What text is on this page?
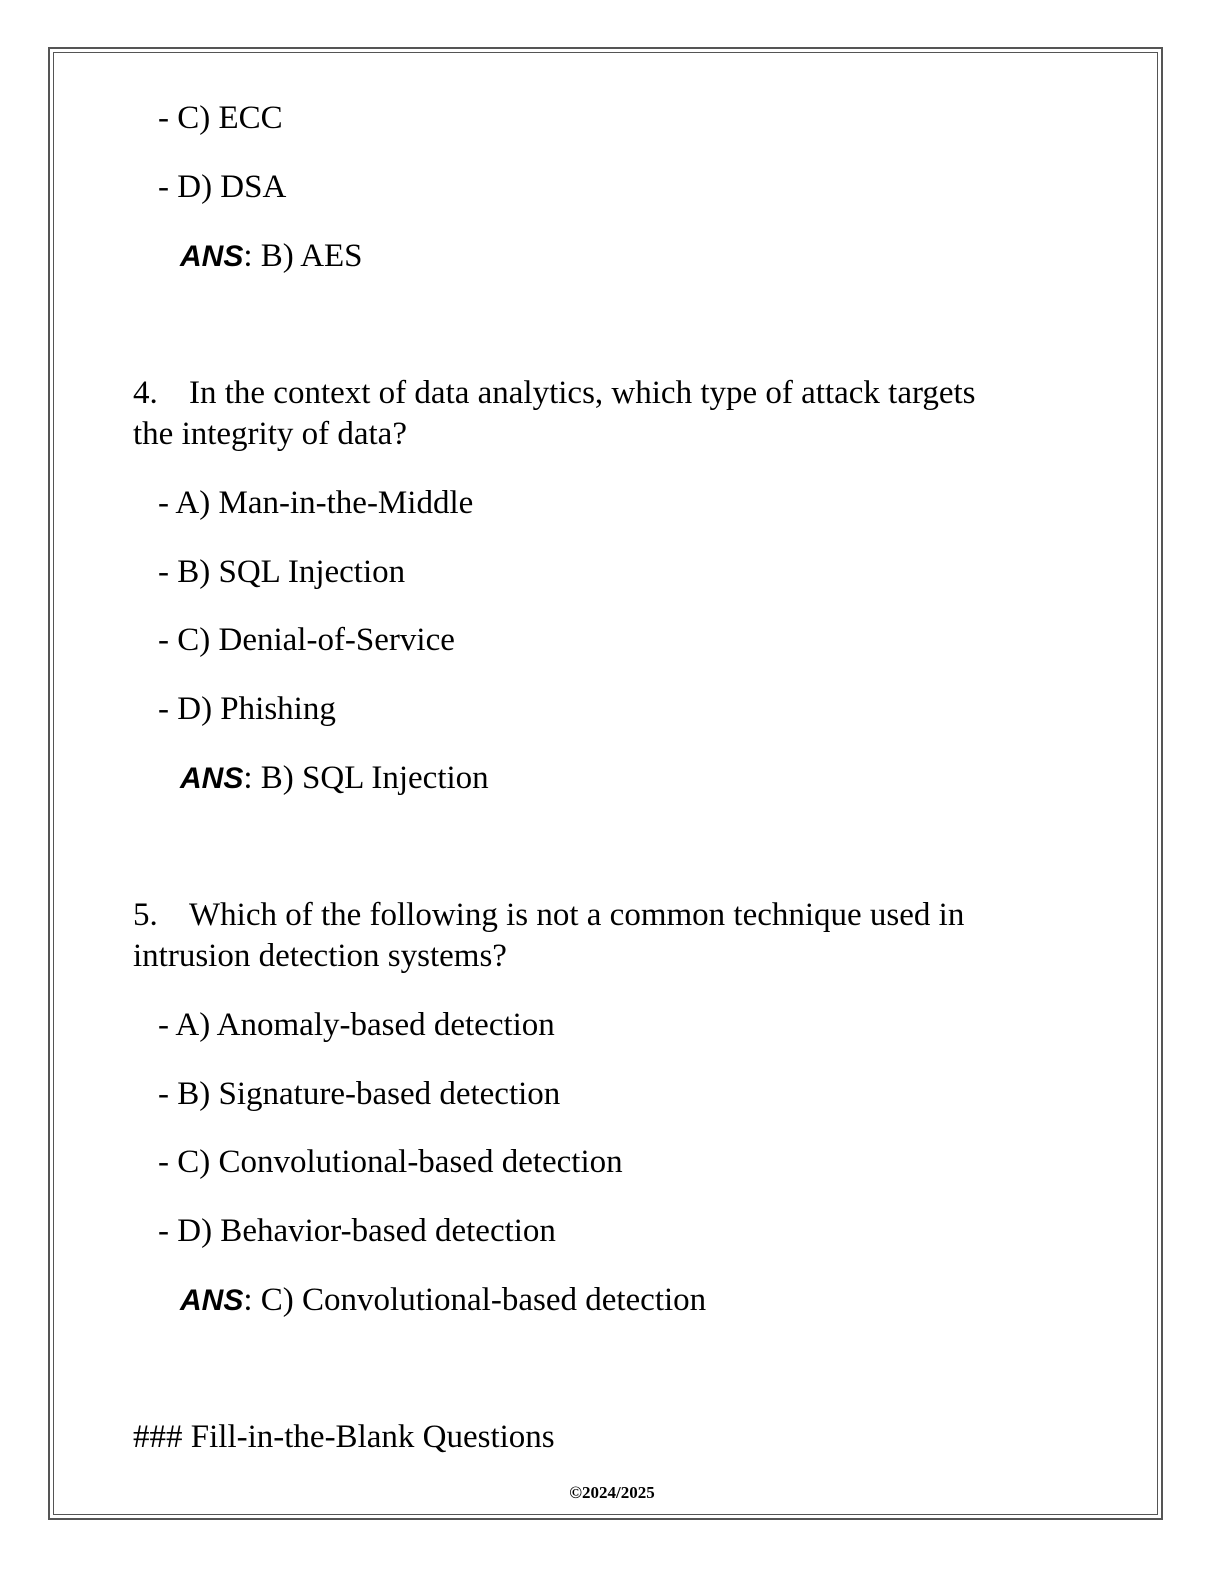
- C) ECC
- D) DSA
ANS: B) AES
4. In the context of data analytics, which type of attack targets
the integrity of data?
- A) Man-in-the-Middle
- B) SQL Injection
- C) Denial-of-Service
- D) Phishing
ANS: B) SQL Injection
5. Which of the following is not a common technique used in
intrusion detection systems?
- A) Anomaly-based detection
- B) Signature-based detection
- C) Convolutional-based detection
- D) Behavior-based detection
ANS: C) Convolutional-based detection
### Fill-in-the-Blank Questions
©2024/2025
